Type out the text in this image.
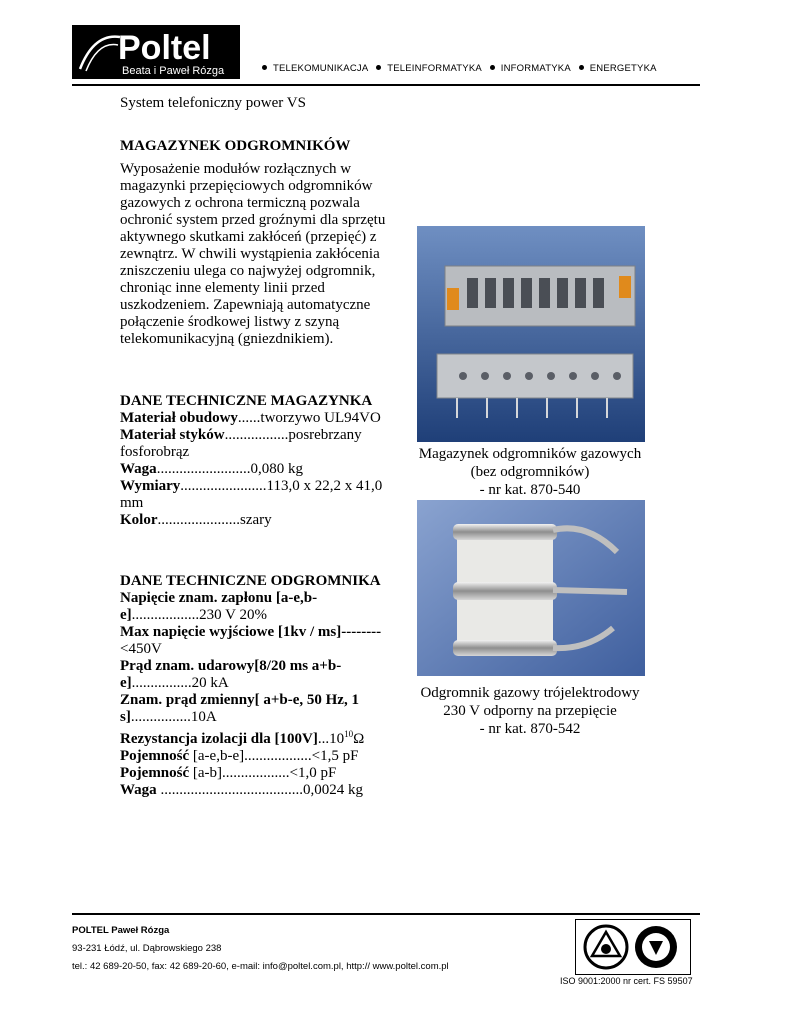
Poltel
Beata i Paweł Rózga	TELEKOMUNIKACJA TELEINFORMATYKA INFORMATYKA ENERGETYKA
System telefoniczny power VS
MAGAZYNEK ODGROMNIKÓW
Wyposażenie modułów rozłącznych w
magazynki przepięciowych odgromników
gazowych z ochrona termiczną pozwala
ochronić system przed groźnymi dla sprzętu
aktywnego skutkami zakłóceń (przepięć) z
zewnątrz. W chwili wystąpienia zakłócenia
zniszczeniu ulega co najwyżej odgromnik,
chroniąc inne elementy linii przed
uszkodzeniem. Zapewniają automatyczne
połączenie środkowej listwy z szyną
telekomunikacyjną (gniezdnikiem).
DANE TECHNICZNE MAGAZYNKA
Materiał obudowy......tworzywo UL94VO
Materiał styków.................posrebrzany
fosforobrąz
Waga.........................0,080 kg
Wymiary.......................113,0 x 22,2 x 41,0
mm
Kolor......................szary
DANE TECHNICZNE ODGROMNIKA
Napięcie znam. zapłonu [a-e,b-
e]..................230 V 20%
Max napięcie wyjściowe [1kv / ms]--------
<450V
Prąd znam. udarowy[8/20 ms a+b-
e]................20 kA
Znam. prąd zmienny[ a+b-e, 50 Hz, 1
s]................10A
Rezystancja izolacji dla [100V]...10$^{10}$Ω
Pojemność [a-e,b-e]..................<1,5 pF
Pojemność [a-b]..................<1,0 pF
Waga ......................................0,0024 kg
Magazynek odgromników gazowych
(bez odgromników)
- nr kat. 870-540
Odgromnik gazowy trójelektrodowy
230 V odporny na przepięcie
- nr kat. 870-542
POLTEL Paweł Rózga
93-231 Łódź, ul. Dąbrowskiego 238
tel.: 42 689-20-50, fax: 42 689-20-60, e-mail: info@poltel.com.pl, http:// www.poltel.com.pl
ISO 9001:2000 nr cert. FS 59507
